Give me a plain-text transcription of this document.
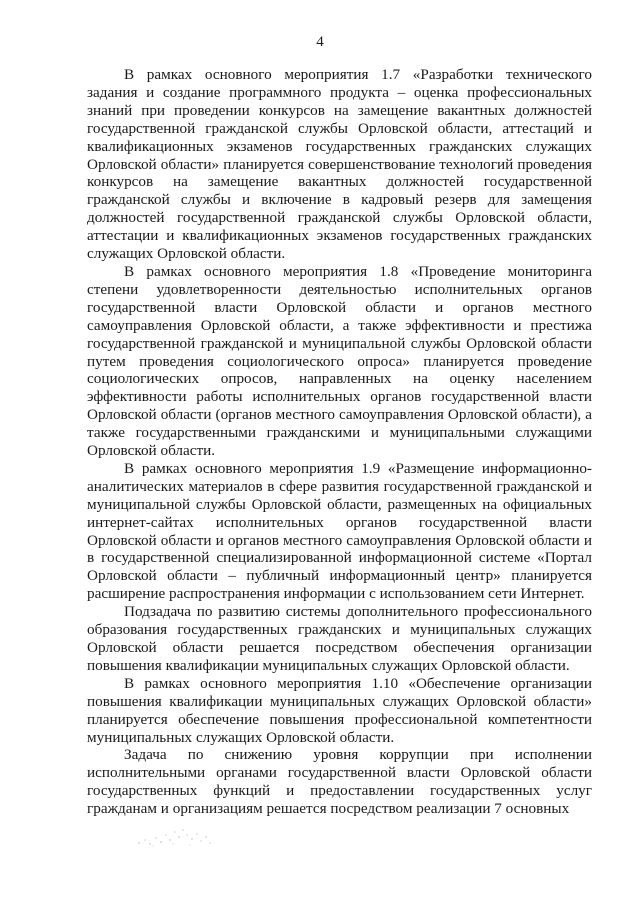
4

В рамках основного мероприятия 1.7 «Разработки технического задания и создание программного продукта – оценка профессиональных знаний при проведении конкурсов на замещение вакантных должностей государственной гражданской службы Орловской области, аттестаций и квалификационных экзаменов государственных гражданских служащих Орловской области» планируется совершенствование технологий проведения конкурсов на замещение вакантных должностей государственной гражданской службы и включение в кадровый резерв для замещения должностей государственной гражданской службы Орловской области, аттестации и квалификационных экзаменов государственных гражданских служащих Орловской области.

В рамках основного мероприятия 1.8 «Проведение мониторинга степени удовлетворенности деятельностью исполнительных органов государственной власти Орловской области и органов местного самоуправления Орловской области, а также эффективности и престижа государственной гражданской и муниципальной службы Орловской области путем проведения социологического опроса» планируется проведение социологических опросов, направленных на оценку населением эффективности работы исполнительных органов государственной власти Орловской области (органов местного самоуправления Орловской области), а также государственными гражданскими и муниципальными служащими Орловской области.

В рамках основного мероприятия 1.9 «Размещение информационно-аналитических материалов в сфере развития государственной гражданской и муниципальной службы Орловской области, размещенных на официальных интернет-сайтах исполнительных органов государственной власти Орловской области и органов местного самоуправления Орловской области и в государственной специализированной информационной системе «Портал Орловской области – публичный информационный центр» планируется расширение распространения информации с использованием сети Интернет.

Подзадача по развитию системы дополнительного профессионального образования государственных гражданских и муниципальных служащих Орловской области решается посредством обеспечения организации повышения квалификации муниципальных служащих Орловской области.

В рамках основного мероприятия 1.10 «Обеспечение организации повышения квалификации муниципальных служащих Орловской области» планируется обеспечение повышения профессиональной компетентности муниципальных служащих Орловской области.

Задача по снижению уровня коррупции при исполнении исполнительными органами государственной власти Орловской области государственных функций и предоставлении государственных услуг гражданам и организациям решается посредством реализации 7 основных
